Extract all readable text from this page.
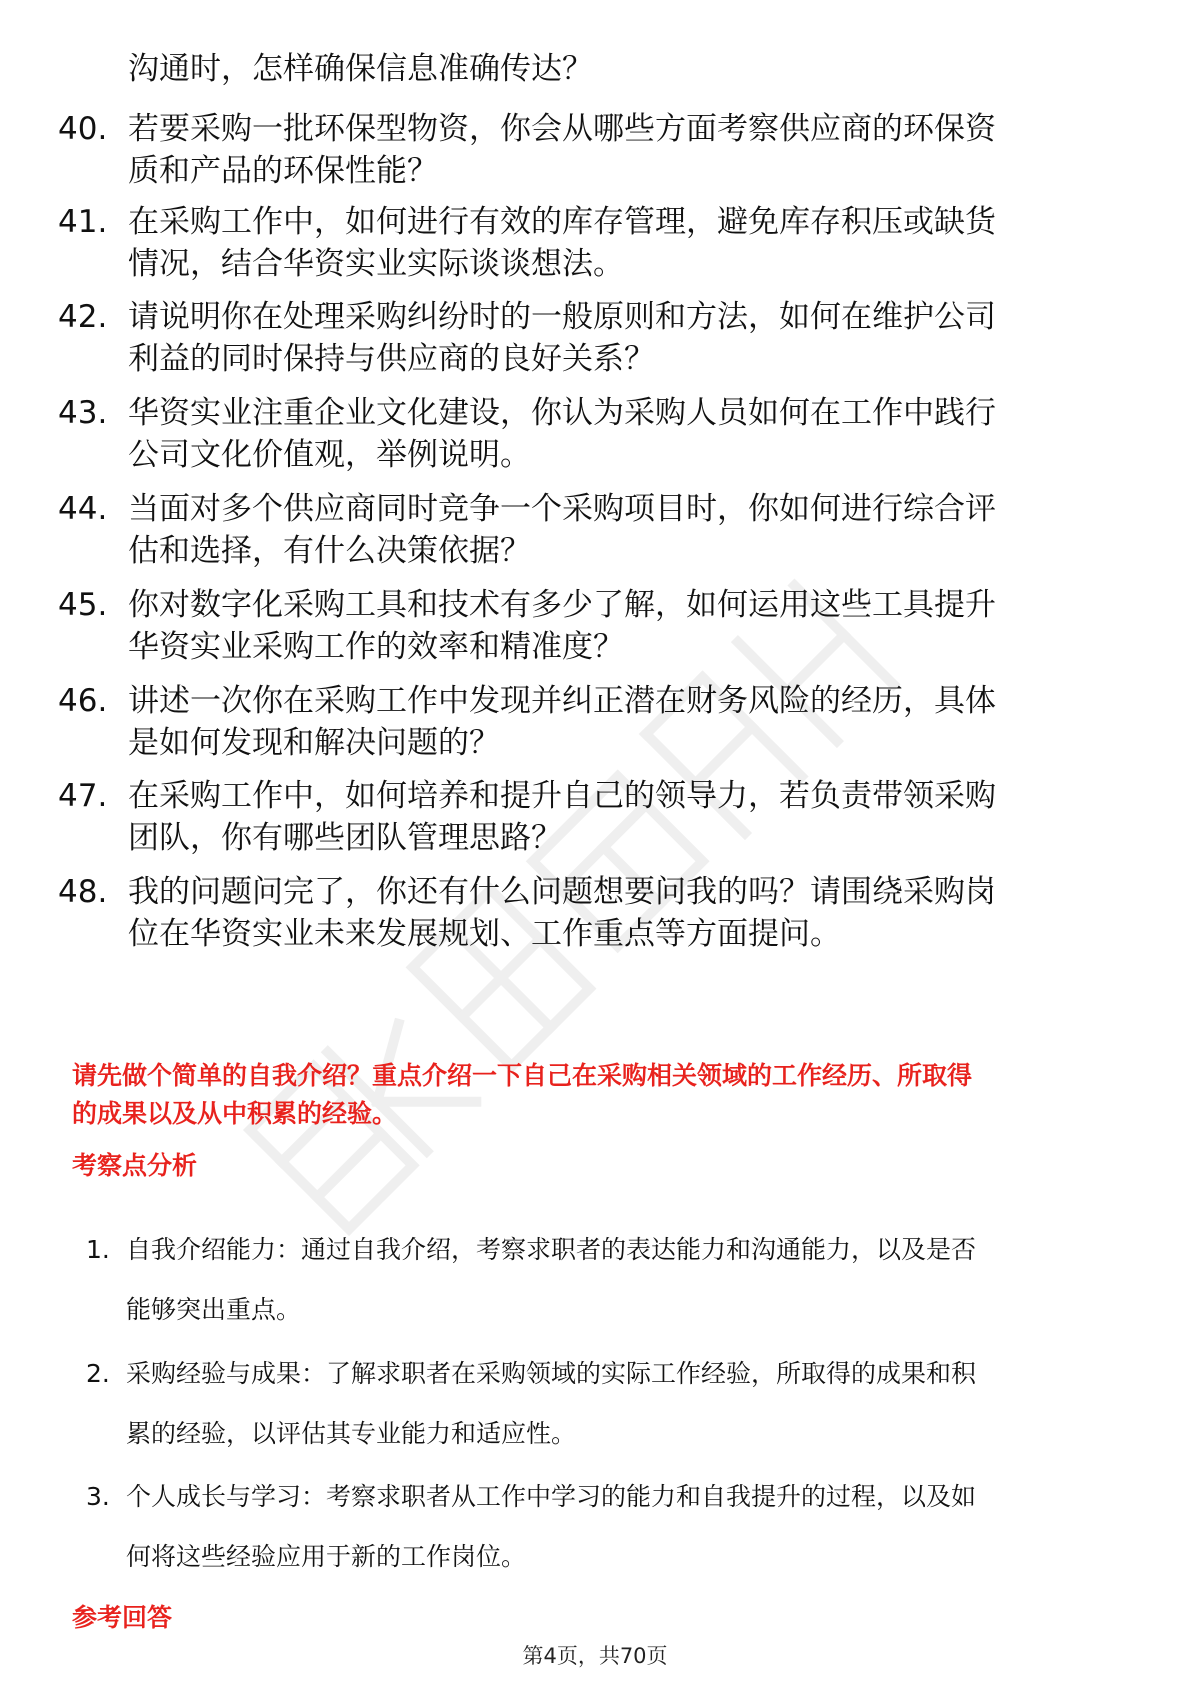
沟通时，怎样确保信息准确传达？
40. 若要采购一批环保型物资，你会从哪些方面考察供应商的环保资
质和产品的环保性能？
41. 在采购工作中，如何进行有效的库存管理，避免库存积压或缺货
情况，结合华资实业实际谈谈想法。
42. 请说明你在处理采购纠纷时的一般原则和方法，如何在维护公司
利益的同时保持与供应商的良好关系？
43. 华资实业注重企业文化建设，你认为采购人员如何在工作中践行
公司文化价值观，举例说明。
44. 当面对多个供应商同时竞争一个采购项目时，你如何进行综合评
估和选择，有什么决策依据？
45. 你对数字化采购工具和技术有多少了解，如何运用这些工具提升
华资实业采购工作的效率和精准度？
46. 讲述一次你在采购工作中发现并纠正潜在财务风险的经历，具体
是如何发现和解决问题的？
47. 在采购工作中，如何培养和提升自己的领导力，若负责带领采购
团队，你有哪些团队管理思路？
48. 我的问题问完了，你还有什么问题想要问我的吗？请围绕采购岗
位在华资实业未来发展规划、工作重点等方面提问。
请先做个简单的自我介绍？重点介绍一下自己在采购相关领域的工作经历、所取得
的成果以及从中积累的经验。
考察点分析
1. 自我介绍能力：通过自我介绍，考察求职者的表达能力和沟通能力，以及是否
能够突出重点。
2. 采购经验与成果：了解求职者在采购领域的实际工作经验，所取得的成果和积
累的经验，以评估其专业能力和适应性。
3. 个人成长与学习：考察求职者从工作中学习的能力和自我提升的过程，以及如
何将这些经验应用于新的工作岗位。
参考回答
第4页，共70页
